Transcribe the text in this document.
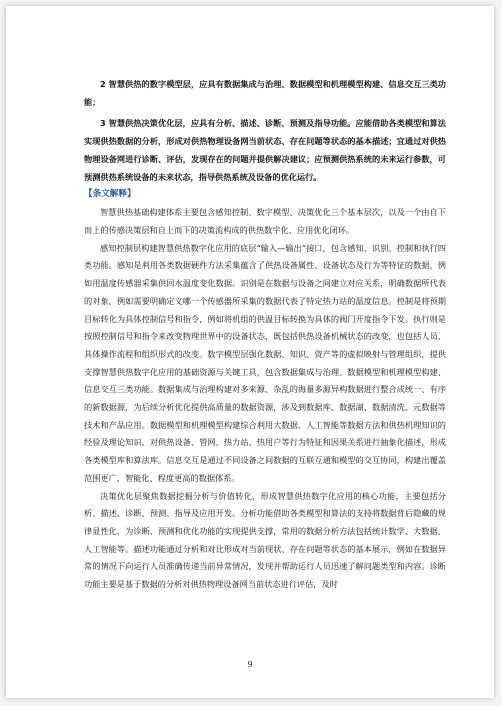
2 智慧供热的数字模型层，应具有数据集成与治理、数据模型和机理模型构建、信息交互三类功能；

3 智慧供热决策优化层，应具有分析、描述、诊断、预测及指导功能。应能借助各类模型和算法实现供热数据的分析，形成对供热物理设备网当前状态、存在问题等状态的基本描述；宜通过对供热物理设备网进行诊断、评估，发现存在的问题并提供解决建议；应预测供热系统的未来运行参数，可预测供热系统设备的未来状态，指导供热系统及设备的优化运行。

【条文解释】

智慧供热基础构建体系主要包含感知控制、数字模型、决策优化三个基本层次，以及一个由自下而上的传感决策层和自上而下的决策流构成的供热数字化、应用优化闭环。

感知控制层构建智慧供热数字化应用的底层“输入—输出”接口，包含感知、识别、控制和执行四类功能。感知是利用各类数据硬件方法采集蕴含了供热设备属性、设备状态及行为等特征的数据，例如用温度传感器采集供回水温度变化数据。识别是在数据与设备之间建立对应关系，明确数据所代表的对象，例如需要明确定义哪一个传感器所采集的数据代表了特定热力站的温度信息。控制是将预期目标转化为具体控制信号和指令，例如将机组的供温目标转换为具体的阀门开度指令下发。执行则是按照控制信号和指令来改变物理世界中的设备状态，既包括供热设备机械状态的改变，也包括人员、具体操作流程和组织形式的改变。数字模型层强化数据、知识、资产等的虚拟映射与管理组织，提供支撑智慧供热数字化应用的基础资源与关键工具，包含数据集成与治理、数据模型和机理模型构建、信息交互三类功能。数据集成与治理构建对多来源、杂乱的海量多源异构数据进行整合成统一、有序的新数据源，为后续分析优化提供高质量的数据资源，涉及到数据库、数据湖、数据清洗、元数据等技术和产品应用。数据模型和机理模型构建综合利用大数据、人工智能等数据方法和供热机理知识的经验及理论知识，对供热设备、管网、热力站、热用户等行为特征和因果关系进行抽象化描述，形成各类模型库和算法库。信息交互是通过不同设备之间数据的互联互通和模型的交互协同，构建出覆盖范围更广、智能化、程度更高的数据体系。

决策优化层聚焦数据挖掘分析与价值转化，形成智慧供热数字化应用的核心功能，主要包括分析、描述、诊断、预测、指导及应用开发。分析功能借助各类模型和算法的支持将数据背后隐藏的规律显性化，为诊断、预测和优化功能的实现提供支撑，常用的数据分析方法包括统计数学、大数据、人工智能等。描述功能通过分析和对比形成对当前现状、存在问题等状态的基本展示，例如在数据异常的情况下向运行人员准确传递当前异常情况，发现并帮助运行人员迅速了解问题类型和内容。诊断功能主要是基于数据的分析对供热物理设备网当前状态进行评估，及时

9
